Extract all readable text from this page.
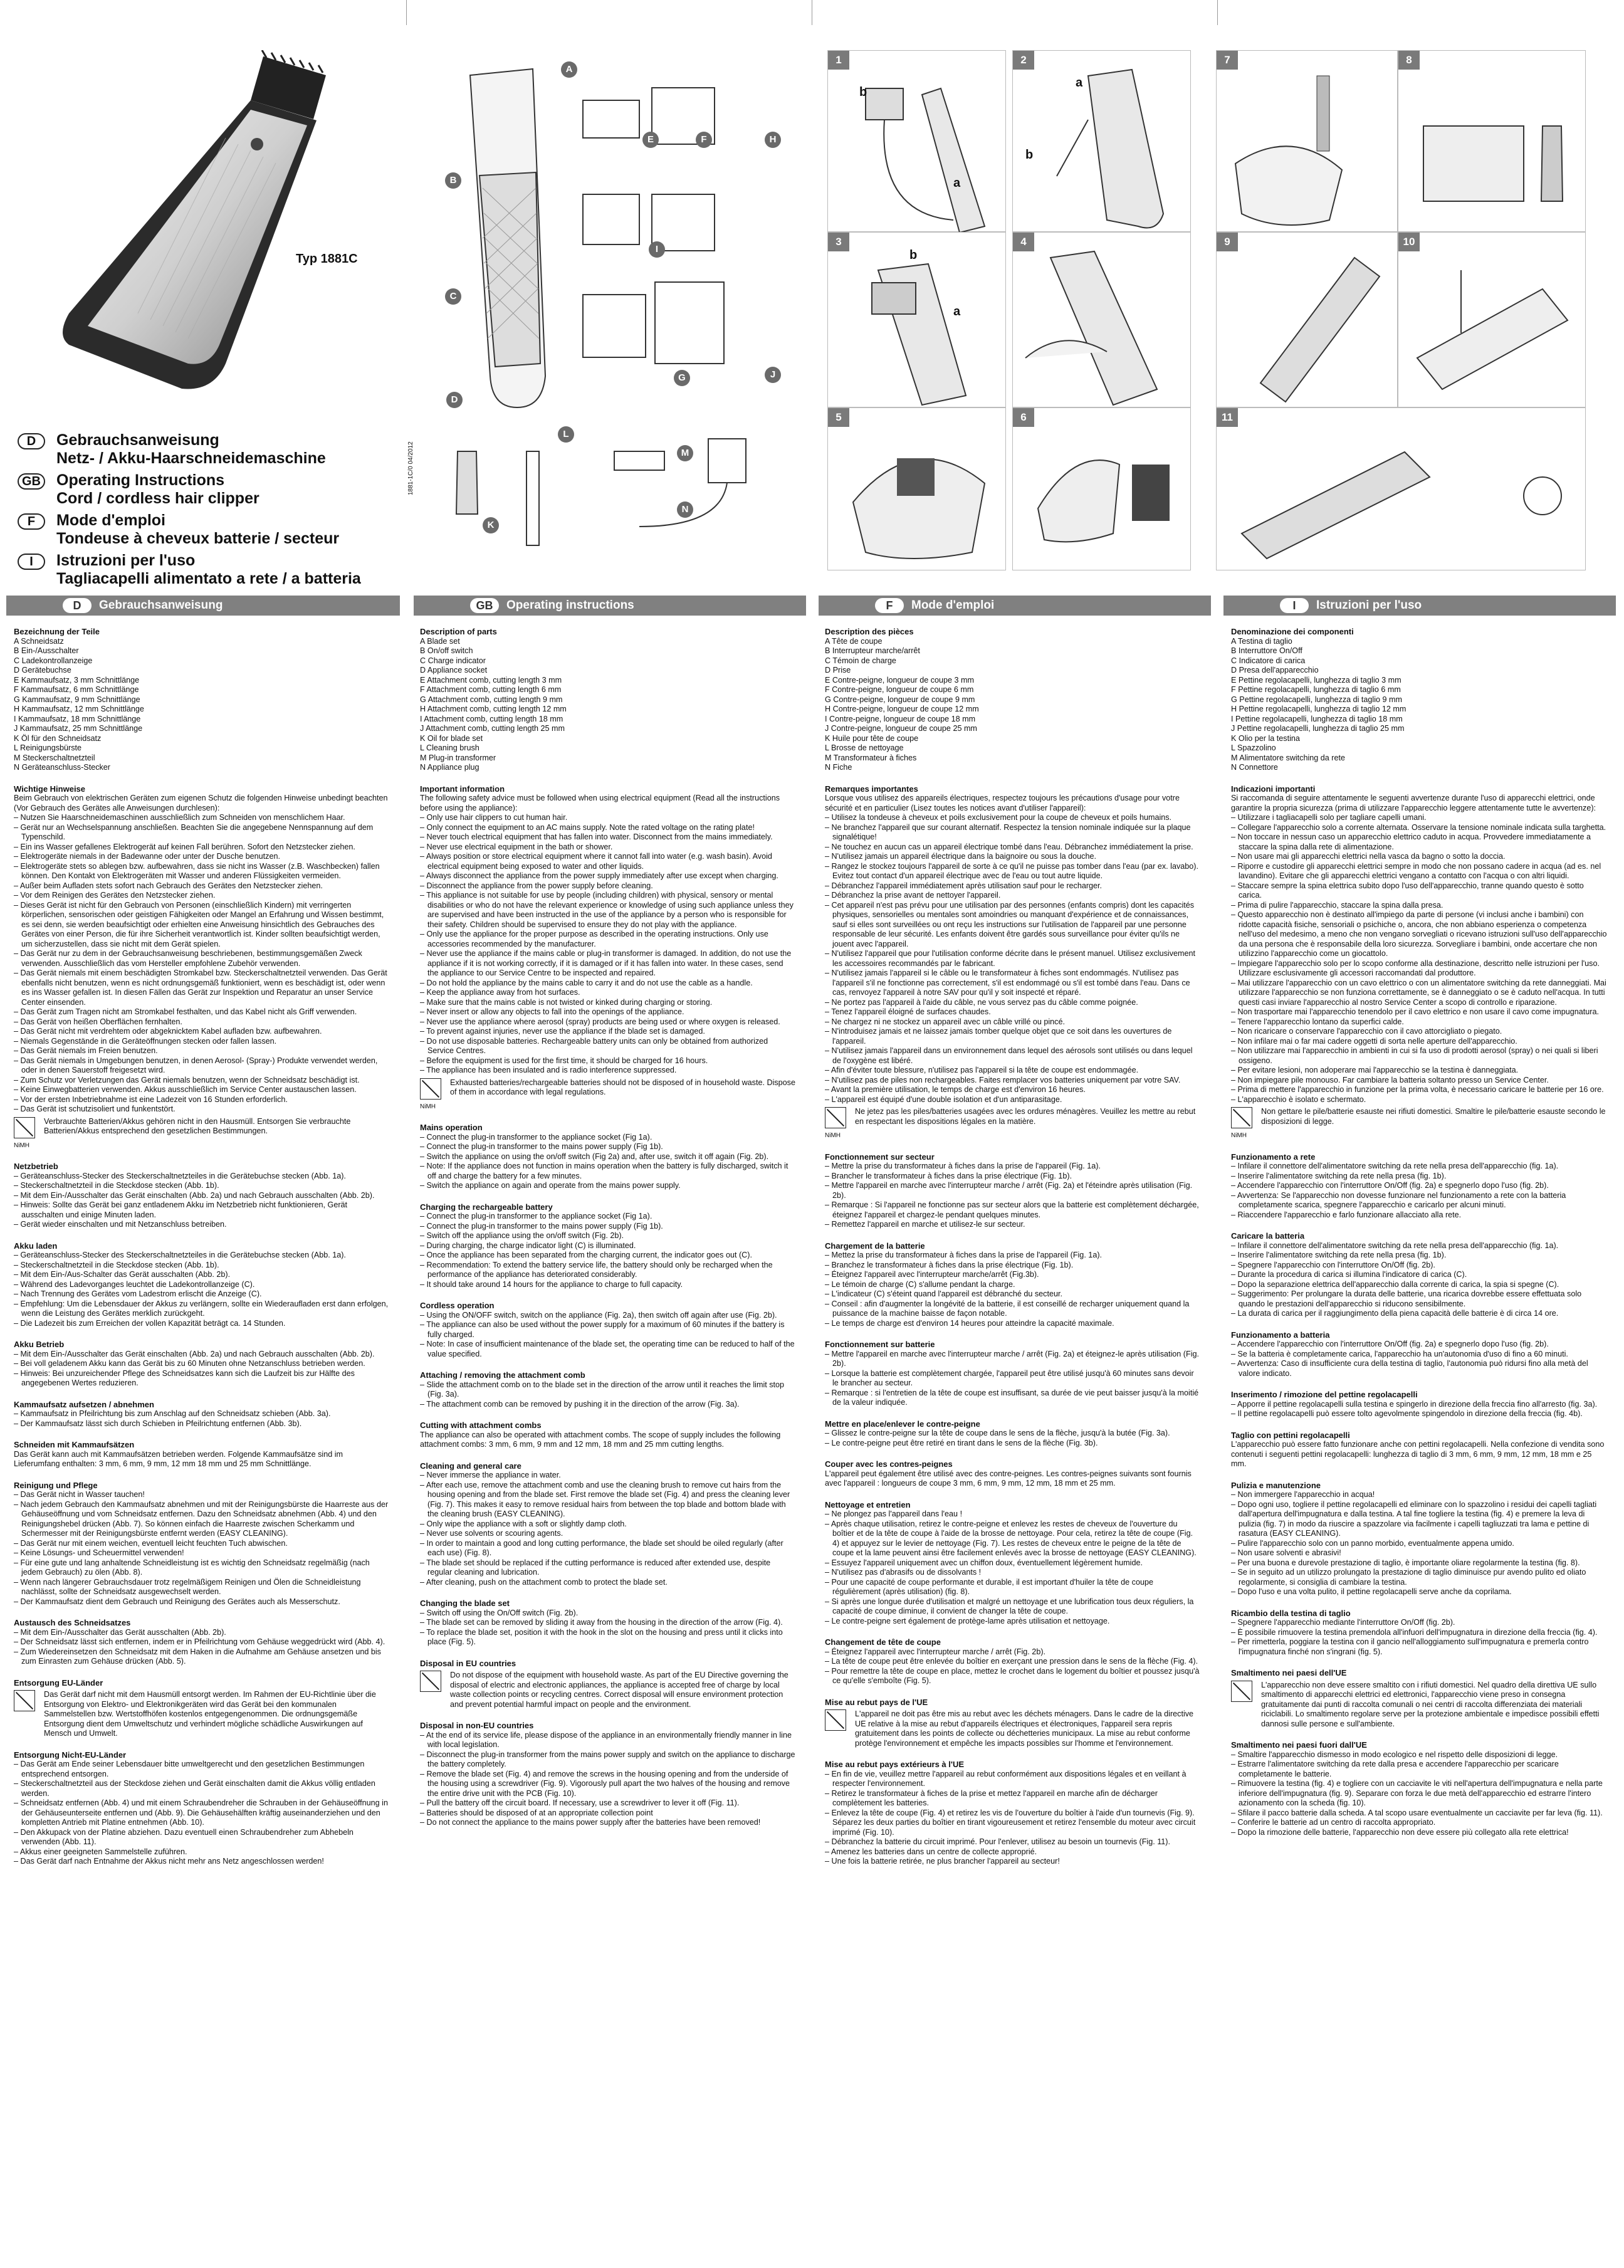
Typ 1881C
D	Gebrauchsanweisung
Netz- / Akku-Haarschneidemaschine
GB Operating Instructions
Cord / cordless hair clipper
F	Mode d'emploi
Tondeuse à cheveux batterie / secteur
I	Istruzioni per l'uso
Tagliacapelli alimentato a rete / a batteria
1881-1C/0 04/2012
A
B
C
D
E	F
G
H
I
J
K
L
M
N
1
b
a
2
a
b
3
b
a
4
5	6
7	8
9	10
11
D Gebrauchsanweisung	GB Operating instructions	F Mode d'emploi	I Istruzioni per l'uso
Bezeichnung der Teile
A Schneidsatz
B Ein-/Ausschalter
C Ladekontrollanzeige
D Gerätebuchse
E Kammaufsatz, 3 mm Schnittlänge
F Kammaufsatz, 6 mm Schnittlänge
G Kammaufsatz, 9 mm Schnittlänge
H Kammaufsatz, 12 mm Schnittlänge
I Kammaufsatz, 18 mm Schnittlänge
J Kammaufsatz, 25 mm Schnittlänge
K Öl für den Schneidsatz
L Reinigungsbürste
M Steckerschaltnetzteil
N Geräteanschluss-Stecker
Wichtige Hinweise

Beim Gebrauch von elektrischen Geräten zum eigenen Schutz die folgenden Hinweise unbedingt beachten (Vor Gebrauch des Gerätes alle Anweisungen durchlesen):

– Nutzen Sie Haarschneidemaschinen ausschließlich zum Schneiden von menschlichem Haar.
– Gerät nur an Wechselspannung anschließen. Beachten Sie die angegebene Nennspannung auf dem Typenschild.
– Ein ins Wasser gefallenes Elektrogerät auf keinen Fall berühren. Sofort den Netzstecker ziehen.
– Elektrogeräte niemals in der Badewanne oder unter der Dusche benutzen.
– Elektrogeräte stets so ablegen bzw. aufbewahren, dass sie nicht ins Wasser (z.B. Waschbecken) fallen können. Den Kontakt von Elektrogeräten mit Wasser und anderen Flüssigkeiten vermeiden.
– Außer beim Aufladen stets sofort nach Gebrauch des Gerätes den Netzstecker ziehen.
– Vor dem Reinigen des Gerätes den Netzstecker ziehen.
– Dieses Gerät ist nicht für den Gebrauch von Personen (einschließlich Kindern) mit verringerten körperlichen, sensorischen oder geistigen Fähigkeiten oder Mangel an Erfahrung und Wissen bestimmt, es sei denn, sie werden beaufsichtigt oder erhielten eine Anweisung hinsichtlich des Gebrauches des Gerätes von einer Person, die für ihre Sicherheit verantwortlich ist. Kinder sollten beaufsichtigt werden, um sicherzustellen, dass sie nicht mit dem Gerät spielen.
– Das Gerät nur zu dem in der Gebrauchsanweisung beschriebenen, bestimmungsgemäßen Zweck verwenden. Ausschließlich das vom Hersteller empfohlene Zubehör verwenden.
– Das Gerät niemals mit einem beschädigten Stromkabel bzw. Steckerschaltnetzteil verwenden. Das Gerät ebenfalls nicht benutzen, wenn es nicht ordnungsgemäß funktioniert, wenn es beschädigt ist, oder wenn es ins Wasser gefallen ist. In diesen Fällen das Gerät zur Inspektion und Reparatur an unser Service Center einsenden.
– Das Gerät zum Tragen nicht am Stromkabel festhalten, und das Kabel nicht als Griff verwenden.
– Das Gerät von heißen Oberflächen fernhalten.
– Das Gerät nicht mit verdrehtem oder abgeknicktem Kabel aufladen bzw. aufbewahren.
– Niemals Gegenstände in die Geräteöffnungen stecken oder fallen lassen.
– Das Gerät niemals im Freien benutzen.
– Das Gerät niemals in Umgebungen benutzen, in denen Aerosol- (Spray-) Produkte verwendet werden, oder in denen Sauerstoff freigesetzt wird.
– Zum Schutz vor Verletzungen das Gerät niemals benutzen, wenn der Schneidsatz beschädigt ist.
– Keine Einwegbatterien verwenden. Akkus ausschließlich im Service Center austauschen lassen.
– Vor der ersten Inbetriebnahme ist eine Ladezeit von 16 Stunden erforderlich.
– Das Gerät ist schutzisoliert und funkentstört.
Verbrauchte Batterien/Akkus gehören nicht in den Hausmüll. Entsorgen Sie verbrauchte Batterien/Akkus entsprechend den gesetzlichen Bestimmungen.
NiMH
Netzbetrieb
– Geräteanschluss-Stecker des Steckerschaltnetzteiles in die Gerätebuchse stecken (Abb. 1a).
– Steckerschaltnetzteil in die Steckdose stecken (Abb. 1b).
– Mit dem Ein-/Ausschalter das Gerät einschalten (Abb. 2a) und nach Gebrauch ausschalten (Abb. 2b).
– Hinweis: Sollte das Gerät bei ganz entladenem Akku im Netzbetrieb nicht funktionieren, Gerät ausschalten und einige Minuten laden.
– Gerät wieder einschalten und mit Netzanschluss betreiben.
Akku laden
– Geräteanschluss-Stecker des Steckerschaltnetzteiles in die Gerätebuchse stecken (Abb. 1a).
– Steckerschaltnetzteil in die Steckdose stecken (Abb. 1b).
– Mit dem Ein-/Aus-Schalter das Gerät ausschalten (Abb. 2b).
– Während des Ladevorganges leuchtet die Ladekontrollanzeige (C).
– Nach Trennung des Gerätes vom Ladestrom erlischt die Anzeige (C).
– Empfehlung: Um die Lebensdauer der Akkus zu verlängern, sollte ein Wiederaufladen erst dann erfolgen, wenn die Leistung des Gerätes merklich zurückgeht.
– Die Ladezeit bis zum Erreichen der vollen Kapazität beträgt ca. 14 Stunden.
Akku Betrieb
– Mit dem Ein-/Ausschalter das Gerät einschalten (Abb. 2a) und nach Gebrauch ausschalten (Abb. 2b).
– Bei voll geladenem Akku kann das Gerät bis zu 60 Minuten ohne Netzanschluss betrieben werden.
– Hinweis: Bei unzureichender Pflege des Schneidsatzes kann sich die Laufzeit bis zur Hälfte des angegebenen Wertes reduzieren.
Kammaufsatz aufsetzen / abnehmen
– Kammaufsatz in Pfeilrichtung bis zum Anschlag auf den Schneidsatz schieben (Abb. 3a).
– Der Kammaufsatz lässt sich durch Schieben in Pfeilrichtung entfernen (Abb. 3b).
Schneiden mit Kammaufsätzen

Das Gerät kann auch mit Kammaufsätzen betrieben werden. Folgende Kammaufsätze sind im Lieferumfang enthalten: 3 mm, 6 mm, 9 mm, 12 mm 18 mm und 25 mm Schnittlänge.

Reinigung und Pflege
– Das Gerät nicht in Wasser tauchen!
– Nach jedem Gebrauch den Kammaufsatz abnehmen und mit der Reinigungsbürste die Haarreste aus der Gehäuseöffnung und vom Schneidsatz entfernen. Dazu den Schneidsatz abnehmen (Abb. 4) und den Reinigungshebel drücken (Abb. 7). So können einfach die Haarreste zwischen Scherkamm und Schermesser mit der Reinigungsbürste entfernt werden (EASY CLEANING).
– Das Gerät nur mit einem weichen, eventuell leicht feuchten Tuch abwischen.
– Keine Lösungs- und Scheuermittel verwenden!
– Für eine gute und lang anhaltende Schneidleistung ist es wichtig den Schneidsatz regelmäßig (nach jedem Gebrauch) zu ölen (Abb. 8).
– Wenn nach längerer Gebrauchsdauer trotz regelmäßigem Reinigen und Ölen die Schneidleistung nachlässt, sollte der Schneidsatz ausgewechselt werden.
– Der Kammaufsatz dient dem Gebrauch und Reinigung des Gerätes auch als Messerschutz.
Austausch des Schneidsatzes
– Mit dem Ein-/Ausschalter das Gerät ausschalten (Abb. 2b).
– Der Schneidsatz lässt sich entfernen, indem er in Pfeilrichtung vom Gehäuse weggedrückt wird (Abb. 4).
– Zum Wiedereinsetzen den Schneidsatz mit dem Haken in die Aufnahme am Gehäuse ansetzen und bis zum Einrasten zum Gehäuse drücken (Abb. 5).
Entsorgung EU-Länder
Das Gerät darf nicht mit dem Hausmüll entsorgt werden. Im Rahmen der EU-Richtlinie über die Entsorgung von Elektro- und Elektronikgeräten wird das Gerät bei den kommunalen Sammelstellen bzw. Wertstoffhöfen kostenlos entgegengenommen. Die ordnungsgemäße Entsorgung dient dem Umweltschutz und verhindert mögliche schädliche Auswirkungen auf Mensch und Umwelt.
Entsorgung Nicht-EU-Länder
– Das Gerät am Ende seiner Lebensdauer bitte umweltgerecht und den gesetzlichen Bestimmungen entsprechend entsorgen.
– Steckerschaltnetzteil aus der Steckdose ziehen und Gerät einschalten damit die Akkus völlig entladen werden.
– Schneidsatz entfernen (Abb. 4) und mit einem Schraubendreher die Schrauben in der Gehäuseöffnung in der Gehäuseunterseite entfernen und (Abb. 9). Die Gehäusehälften kräftig auseinanderziehen und den kompletten Antrieb mit Platine entnehmen (Abb. 10).
– Den Akkupack von der Platine abziehen. Dazu eventuell einen Schraubendreher zum Abhebeln verwenden (Abb. 11).
– Akkus einer geeigneten Sammelstelle zuführen.
– Das Gerät darf nach Entnahme der Akkus nicht mehr ans Netz angeschlossen werden!
Description of parts
A Blade set
B On/off switch
C Charge indicator
D Appliance socket
E Attachment comb, cutting length 3 mm
F Attachment comb, cutting length 6 mm
G Attachment comb, cutting length 9 mm
H Attachment comb, cutting length 12 mm
I Attachment comb, cutting length 18 mm
J Attachment comb, cutting length 25 mm
K Oil for blade set
L Cleaning brush
M Plug-in transformer
N Appliance plug
Important information

The following safety advice must be followed when using electrical equipment (Read all the instructions before using the appliance):

– Only use hair clippers to cut human hair.
– Only connect the equipment to an AC mains supply. Note the rated voltage on the rating plate!
– Never touch electrical equipment that has fallen into water. Disconnect from the mains immediately.
– Never use electrical equipment in the bath or shower.
– Always position or store electrical equipment where it cannot fall into water (e.g. wash basin). Avoid electrical equipment being exposed to water and other liquids.
– Always disconnect the appliance from the power supply immediately after use except when charging.
– Disconnect the appliance from the power supply before cleaning.
– This appliance is not suitable for use by people (including children) with physical, sensory or mental disabilities or who do not have the relevant experience or knowledge of using such appliance unless they are supervised and have been instructed in the use of the appliance by a person who is responsible for their safety. Children should be supervised to ensure they do not play with the appliance.
– Only use the appliance for the proper purpose as described in the operating instructions. Only use accessories recommended by the manufacturer.
– Never use the appliance if the mains cable or plug-in transformer is damaged. In addition, do not use the appliance if it is not working correctly, if it is damaged or if it has fallen into water. In these cases, send the appliance to our Service Centre to be inspected and repaired.
– Do not hold the appliance by the mains cable to carry it and do not use the cable as a handle.
– Keep the appliance away from hot surfaces.
– Make sure that the mains cable is not twisted or kinked during charging or storing.
– Never insert or allow any objects to fall into the openings of the appliance.
– Never use the appliance where aerosol (spray) products are being used or where oxygen is released.
– To prevent against injuries, never use the appliance if the blade set is damaged.
– Do not use disposable batteries. Rechargeable battery units can only be obtained from authorized Service Centres.
– Before the equipment is used for the first time, it should be charged for 16 hours.
– The appliance has been insulated and is radio interference suppressed.
Exhausted batteries/rechargeable batteries should not be disposed of in household waste. Dispose of them in accordance with legal regulations.
NiMH
Mains operation
– Connect the plug-in transformer to the appliance socket (Fig 1a).
– Connect the plug-in transformer to the mains power supply (Fig 1b).
– Switch the appliance on using the on/off switch (Fig 2a) and, after use, switch it off again (Fig. 2b).
– Note: If the appliance does not function in mains operation when the battery is fully discharged, switch it off and charge the battery for a few minutes.
– Switch the appliance on again and operate from the mains power supply.
Charging the rechargeable battery
– Connect the plug-in transformer to the appliance socket (Fig 1a).
– Connect the plug-in transformer to the mains power supply (Fig 1b).
– Switch off the appliance using the on/off switch (Fig. 2b).
– During charging, the charge indicator light (C) is illuminated.
– Once the appliance has been separated from the charging current, the indicator goes out (C).
– Recommendation: To extend the battery service life, the battery should only be recharged when the performance of the appliance has deteriorated considerably.
– It should take around 14 hours for the appliance to charge to full capacity.
Cordless operation
– Using the ON/OFF switch, switch on the appliance (Fig. 2a), then switch off again after use (Fig. 2b).
– The appliance can also be used without the power supply for a maximum of 60 minutes if the battery is fully charged.
– Note: In case of insufficient maintenance of the blade set, the operating time can be reduced to half of the value specified.
Attaching / removing the attachment comb
– Slide the attachment comb on to the blade set in the direction of the arrow until it reaches the limit stop (Fig. 3a).
– The attachment comb can be removed by pushing it in the direction of the arrow (Fig. 3a).
Cutting with attachment combs

The appliance can also be operated with attachment combs. The scope of supply includes the following attachment combs: 3 mm, 6 mm, 9 mm and 12 mm, 18 mm and 25 mm cutting lengths.

Cleaning and general care
– Never immerse the appliance in water.
– After each use, remove the attachment comb and use the cleaning brush to remove cut hairs from the housing opening and from the blade set. First remove the blade set (Fig. 4) and press the cleaning lever (Fig. 7). This makes it easy to remove residual hairs from between the top blade and bottom blade with the cleaning brush (EASY CLEANING).
– Only wipe the appliance with a soft or slightly damp cloth.
– Never use solvents or scouring agents.
– In order to maintain a good and long cutting performance, the blade set should be oiled regularly (after each use) (Fig. 8).
– The blade set should be replaced if the cutting performance is reduced after extended use, despite regular cleaning and lubrication.
– After cleaning, push on the attachment comb to protect the blade set.
Changing the blade set
– Switch off using the On/Off switch (Fig. 2b).
– The blade set can be removed by sliding it away from the housing in the direction of the arrow (Fig. 4).
– To replace the blade set, position it with the hook in the slot on the housing and press until it clicks into place (Fig. 5).
Disposal in EU countries
Do not dispose of the equipment with household waste. As part of the EU Directive governing the disposal of electric and electronic appliances, the appliance is accepted free of charge by local waste collection points or recycling centres. Correct disposal will ensure environment protection and prevent potential harmful impact on people and the environment.
Disposal in non-EU countries
– At the end of its service life, please dispose of the appliance in an environmentally friendly manner in line with local legislation.
– Disconnect the plug-in transformer from the mains power supply and switch on the appliance to discharge the battery completely.
– Remove the blade set (Fig. 4) and remove the screws in the housing opening and from the underside of the housing using a screwdriver (Fig. 9). Vigorously pull apart the two halves of the housing and remove the entire drive unit with the PCB (Fig. 10).
– Pull the battery off the circuit board. If necessary, use a screwdriver to lever it off (Fig. 11).
– Batteries should be disposed of at an appropriate collection point
– Do not connect the appliance to the mains power supply after the batteries have been removed!
Description des pièces
A Tête de coupe
B Interrupteur marche/arrêt
C Témoin de charge
D Prise
E Contre-peigne, longueur de coupe 3 mm
F Contre-peigne, longueur de coupe 6 mm
G Contre-peigne, longueur de coupe 9 mm
H Contre-peigne, longueur de coupe 12 mm
I Contre-peigne, longueur de coupe 18 mm
J Contre-peigne, longueur de coupe 25 mm
K Huile pour tête de coupe
L Brosse de nettoyage
M Transformateur à fiches
N Fiche
Remarques importantes

Lorsque vous utilisez des appareils électriques, respectez toujours les précautions d'usage pour votre sécurité et en particulier (Lisez toutes les notices avant d'utiliser l'appareil):

– Utilisez la tondeuse à cheveux et poils exclusivement pour la coupe de cheveux et poils humains.
– Ne branchez l'appareil que sur courant alternatif. Respectez la tension nominale indiquée sur la plaque signalétique!
– Ne touchez en aucun cas un appareil électrique tombé dans l'eau. Débranchez immédiatement la prise.
– N'utilisez jamais un appareil électrique dans la baignoire ou sous la douche.
– Rangez le stockez toujours l'appareil de sorte à ce qu'il ne puisse pas tomber dans l'eau (par ex. lavabo). Evitez tout contact d'un appareil électrique avec de l'eau ou tout autre liquide.
– Débranchez l'appareil immédiatement après utilisation sauf pour le recharger.
– Débranchez la prise avant de nettoyer l'appareil.
– Cet appareil n'est pas prévu pour une utilisation par des personnes (enfants compris) dont les capacités physiques, sensorielles ou mentales sont amoindries ou manquant d'expérience et de connaissances, sauf si elles sont surveillées ou ont reçu les instructions sur l'utilisation de l'appareil par une personne responsable de leur sécurité. Les enfants doivent être gardés sous surveillance pour éviter qu'ils ne jouent avec l'appareil.
– N'utilisez l'appareil que pour l'utilisation conforme décrite dans le présent manuel. Utilisez exclusivement les accessoires recommandés par le fabricant.
– N'utilisez jamais l'appareil si le câble ou le transformateur à fiches sont endommagés. N'utilisez pas l'appareil s'il ne fonctionne pas correctement, s'il est endommagé ou s'il est tombé dans l'eau. Dans ce cas, renvoyez l'appareil à notre SAV pour qu'il y soit inspecté et réparé.
– Ne portez pas l'appareil à l'aide du câble, ne vous servez pas du câble comme poignée.
– Tenez l'appareil éloigné de surfaces chaudes.
– Ne chargez ni ne stockez un appareil avec un câble vrillé ou pincé.
– N'introduisez jamais et ne laissez jamais tomber quelque objet que ce soit dans les ouvertures de l'appareil.
– N'utilisez jamais l'appareil dans un environnement dans lequel des aérosols sont utilisés ou dans lequel de l'oxygène est libéré.
– Afin d'éviter toute blessure, n'utilisez pas l'appareil si la tête de coupe est endommagée.
– N'utilisez pas de piles non rechargeables. Faites remplacer vos batteries uniquement par votre SAV.
– Avant la première utilisation, le temps de charge est d'environ 16 heures.
– L'appareil est équipé d'une double isolation et d'un antiparasitage.
Ne jetez pas les piles/batteries usagées avec les ordures ménagères. Veuillez les mettre au rebut en respectant les dispositions légales en la matière.
NiMH
Fonctionnement sur secteur
– Mettre la prise du transformateur à fiches dans la prise de l'appareil (Fig. 1a).
– Brancher le transformateur à fiches dans la prise électrique (Fig. 1b).
– Mettre l'appareil en marche avec l'interrupteur marche / arrêt (Fig. 2a) et l'éteindre après utilisation (Fig. 2b).
– Remarque : Si l'appareil ne fonctionne pas sur secteur alors que la batterie est complètement déchargée, éteignez l'appareil et chargez-le pendant quelques minutes.
– Remettez l'appareil en marche et utilisez-le sur secteur.
Chargement de la batterie
– Mettez la prise du transformateur à fiches dans la prise de l'appareil (Fig. 1a).
– Branchez le transformateur à fiches dans la prise électrique (Fig. 1b).
– Éteignez l'appareil avec l'interrupteur marche/arrêt (Fig.3b).
– Le témoin de charge (C) s'allume pendant la charge.
– L'indicateur (C) s'éteint quand l'appareil est débranché du secteur.
– Conseil : afin d'augmenter la longévité de la batterie, il est conseillé de recharger uniquement quand la puissance de la machine baisse de façon notable.
– Le temps de charge est d'environ 14 heures pour atteindre la capacité maximale.
Fonctionnement sur batterie
– Mettre l'appareil en marche avec l'interrupteur marche / arrêt (Fig. 2a) et éteignez-le après utilisation (Fig. 2b).
– Lorsque la batterie est complètement chargée, l'appareil peut être utilisé jusqu'à 60 minutes sans devoir le brancher au secteur.
– Remarque : si l'entretien de la tête de coupe est insuffisant, sa durée de vie peut baisser jusqu'à la moitié de la valeur indiquée.
Mettre en place/enlever le contre-peigne
– Glissez le contre-peigne sur la tête de coupe dans le sens de la flèche, jusqu'à la butée (Fig. 3a).
– Le contre-peigne peut être retiré en tirant dans le sens de la flèche (Fig. 3b).
Couper avec les contres-peignes

L'appareil peut également être utilisé avec des contre-peignes. Les contres-peignes suivants sont fournis avec l'appareil : longueurs de coupe 3 mm, 6 mm, 9 mm, 12 mm, 18 mm et 25 mm.

Nettoyage et entretien
– Ne plongez pas l'appareil dans l'eau !
– Après chaque utilisation, retirez le contre-peigne et enlevez les restes de cheveux de l'ouverture du boîtier et de la tête de coupe à l'aide de la brosse de nettoyage. Pour cela, retirez la tête de coupe (Fig. 4) et appuyez sur le levier de nettoyage (Fig. 7). Les restes de cheveux entre le peigne de la tête de coupe et la lame peuvent ainsi être facilement enlevés avec la brosse de nettoyage (EASY CLEANING).
– Essuyez l'appareil uniquement avec un chiffon doux, éventuellement légèrement humide.
– N'utilisez pas d'abrasifs ou de dissolvants !
– Pour une capacité de coupe performante et durable, il est important d'huiler la tête de coupe régulièrement (après utilisation) (fig. 8).
– Si après une longue durée d'utilisation et malgré un nettoyage et une lubrification tous deux réguliers, la capacité de coupe diminue, il convient de changer la tête de coupe.
– Le contre-peigne sert également de protège-lame après utilisation et nettoyage.
Changement de tête de coupe
– Éteignez l'appareil avec l'interrupteur marche / arrêt (Fig. 2b).
– La tête de coupe peut être enlevée du boîtier en exerçant une pression dans le sens de la flèche (Fig. 4).
– Pour remettre la tête de coupe en place, mettez le crochet dans le logement du boîtier et poussez jusqu'à ce qu'elle s'emboîte (Fig. 5).
Mise au rebut pays de l'UE
L'appareil ne doit pas être mis au rebut avec les déchets ménagers. Dans le cadre de la directive UE relative à la mise au rebut d'appareils électriques et électroniques, l'appareil sera repris gratuitement dans les points de collecte ou déchetteries municipaux. La mise au rebut conforme protège l'environnement et empêche les impacts possibles sur l'homme et l'environnement.
Mise au rebut pays extérieurs à l'UE
– En fin de vie, veuillez mettre l'appareil au rebut conformément aux dispositions légales et en veillant à respecter l'environnement.
– Retirez le transformateur à fiches de la prise et mettez l'appareil en marche afin de décharger complètement les batteries.
– Enlevez la tête de coupe (Fig. 4) et retirez les vis de l'ouverture du boîtier à l'aide d'un tournevis (Fig. 9). Séparez les deux parties du boîtier en tirant vigoureusement et retirez l'ensemble du moteur avec circuit imprimé (Fig. 10).
– Débranchez la batterie du circuit imprimé. Pour l'enlever, utilisez au besoin un tournevis (Fig. 11).
– Amenez les batteries dans un centre de collecte approprié.
– Une fois la batterie retirée, ne plus brancher l'appareil au secteur!
Denominazione dei componenti
A Testina di taglio
B Interruttore On/Off
C Indicatore di carica
D Presa dell'apparecchio
E Pettine regolacapelli, lunghezza di taglio 3 mm
F Pettine regolacapelli, lunghezza di taglio 6 mm
G Pettine regolacapelli, lunghezza di taglio 9 mm
H Pettine regolacapelli, lunghezza di taglio 12 mm
I Pettine regolacapelli, lunghezza di taglio 18 mm
J Pettine regolacapelli, lunghezza di taglio 25 mm
K Olio per la testina
L Spazzolino
M Alimentatore switching da rete
N Connettore
Indicazioni importanti

Si raccomanda di seguire attentamente le seguenti avvertenze durante l'uso di apparecchi elettrici, onde garantire la propria sicurezza (prima di utilizzare l'apparecchio leggere attentamente tutte le avvertenze):

– Utilizzare i tagliacapelli solo per tagliare capelli umani.
– Collegare l'apparecchio solo a corrente alternata. Osservare la tensione nominale indicata sulla targhetta.
– Non toccare in nessun caso un apparecchio elettrico caduto in acqua. Provvedere immediatamente a staccare la spina dalla rete di alimentazione.
– Non usare mai gli apparecchi elettrici nella vasca da bagno o sotto la doccia.
– Riporre e custodire gli apparecchi elettrici sempre in modo che non possano cadere in acqua (ad es. nel lavandino). Evitare che gli apparecchi elettrici vengano a contatto con l'acqua o con altri liquidi.
– Staccare sempre la spina elettrica subito dopo l'uso dell'apparecchio, tranne quando questo è sotto carica.
– Prima di pulire l'apparecchio, staccare la spina dalla presa.
– Questo apparecchio non è destinato all'impiego da parte di persone (vi inclusi anche i bambini) con ridotte capacità fisiche, sensoriali o psichiche o, ancora, che non abbiano esperienza o competenza nell'uso del medesimo, a meno che non vengano sorvegliati o ricevano istruzioni sull'uso dell'apparecchio da una persona che è responsabile della loro sicurezza. Sorvegliare i bambini, onde accertare che non utilizzino l'apparecchio come un giocattolo.
– Impiegare l'apparecchio solo per lo scopo conforme alla destinazione, descritto nelle istruzioni per l'uso. Utilizzare esclusivamente gli accessori raccomandati dal produttore.
– Mai utilizzare l'apparecchio con un cavo elettrico o con un alimentatore switching da rete danneggiati. Mai utilizzare l'apparecchio se non funziona correttamente, se è danneggiato o se è caduto nell'acqua. In tutti questi casi inviare l'apparecchio al nostro Service Center a scopo di controllo e riparazione.
– Non trasportare mai l'apparecchio tenendolo per il cavo elettrico e non usare il cavo come impugnatura.
– Tenere l'apparecchio lontano da superfici calde.
– Non ricaricare o conservare l'apparecchio con il cavo attorcigliato o piegato.
– Non infilare mai o far mai cadere oggetti di sorta nelle aperture dell'apparecchio.
– Non utilizzare mai l'apparecchio in ambienti in cui si fa uso di prodotti aerosol (spray) o nei quali si liberi ossigeno.
– Per evitare lesioni, non adoperare mai l'apparecchio se la testina è danneggiata.
– Non impiegare pile monouso. Far cambiare la batteria soltanto presso un Service Center.
– Prima di mettere l'apparecchio in funzione per la prima volta, è necessario caricare le batterie per 16 ore.
– L'apparecchio è isolato e schermato.
Non gettare le pile/batterie esauste nei rifiuti domestici. Smaltire le pile/batterie esauste secondo le disposizioni di legge.
NiMH
Funzionamento a rete
– Infilare il connettore dell'alimentatore switching da rete nella presa dell'apparecchio (fig. 1a).
– Inserire l'alimentatore switching da rete nella presa (fig. 1b).
– Accendere l'apparecchio con l'interruttore On/Off (fig. 2a) e spegnerlo dopo l'uso (fig. 2b).
– Avvertenza: Se l'apparecchio non dovesse funzionare nel funzionamento a rete con la batteria completamente scarica, spegnere l'apparecchio e caricarlo per alcuni minuti.
– Riaccendere l'apparecchio e farlo funzionare allacciato alla rete.
Caricare la batteria
– Infilare il connettore dell'alimentatore switching da rete nella presa dell'apparecchio (fig. 1a).
– Inserire l'alimentatore switching da rete nella presa (fig. 1b).
– Spegnere l'apparecchio con l'interruttore On/Off (fig. 2b).
– Durante la procedura di carica si illumina l'indicatore di carica (C).
– Dopo la separazione elettrica dell'apparecchio dalla corrente di carica, la spia si spegne (C).
– Suggerimento: Per prolungare la durata delle batterie, una ricarica dovrebbe essere effettuata solo quando le prestazioni dell'apparecchio si riducono sensibilmente.
– La durata di carica per il raggiungimento della piena capacità delle batterie è di circa 14 ore.
Funzionamento a batteria
– Accendere l'apparecchio con l'interruttore On/Off (fig. 2a) e spegnerlo dopo l'uso (fig. 2b).
– Se la batteria è completamente carica, l'apparecchio ha un'autonomia d'uso di fino a 60 minuti.
– Avvertenza: Caso di insufficiente cura della testina di taglio, l'autonomia può ridursi fino alla metà del valore indicato.
Inserimento / rimozione del pettine regolacapelli
– Apporre il pettine regolacapelli sulla testina e spingerlo in direzione della freccia fino all'arresto (fig. 3a).
– Il pettine regolacapelli può essere tolto agevolmente spingendolo in direzione della freccia (fig. 4b).
Taglio con pettini regolacapelli

L'apparecchio può essere fatto funzionare anche con pettini regolacapelli. Nella confezione di vendita sono contenuti i seguenti pettini regolacapelli: lunghezza di taglio di 3 mm, 6 mm, 9 mm, 12 mm, 18 mm e 25 mm.

Pulizia e manutenzione
– Non immergere l'apparecchio in acqua!
– Dopo ogni uso, togliere il pettine regolacapelli ed eliminare con lo spazzolino i residui dei capelli tagliati dall'apertura dell'impugnatura e dalla testina. A tal fine togliere la testina (fig. 4) e premere la leva di pulizia (fig. 7) in modo da riuscire a spazzolare via facilmente i capelli tagliuzzati tra lama e pettine di rasatura (EASY CLEANING).
– Pulire l'apparecchio solo con un panno morbido, eventualmente appena umido.
– Non usare solventi e abrasivi!
– Per una buona e durevole prestazione di taglio, è importante oliare regolarmente la testina (fig. 8).
– Se in seguito ad un utilizzo prolungato la prestazione di taglio diminuisce pur avendo pulito ed oliato regolarmente, si consiglia di cambiare la testina.
– Dopo l'uso e una volta pulito, il pettine regolacapelli serve anche da coprilama.
Ricambio della testina di taglio
– Spegnere l'apparecchio mediante l'interruttore On/Off (fig. 2b).
– È possibile rimuovere la testina premendola all'infuori dell'impugnatura in direzione della freccia (fig. 4).
– Per rimetterla, poggiare la testina con il gancio nell'alloggiamento sull'impugnatura e premerla contro l'impugnatura finché non s'ingrani (fig. 5).
Smaltimento nei paesi dell'UE
L'apparecchio non deve essere smaltito con i rifiuti domestici. Nel quadro della direttiva UE sullo smaltimento di apparecchi elettrici ed elettronici, l'apparecchio viene preso in consegna gratuitamente dai punti di raccolta comunali o nei centri di raccolta differenziata dei materiali riciclabili. Lo smaltimento regolare serve per la protezione ambientale e impedisce possibili effetti dannosi sulle persone e sull'ambiente.
Smaltimento nei paesi fuori dall'UE
– Smaltire l'apparecchio dismesso in modo ecologico e nel rispetto delle disposizioni di legge.
– Estrarre l'alimentatore switching da rete dalla presa e accendere l'apparecchio per scaricare completamente le batterie.
– Rimuovere la testina (fig. 4) e togliere con un cacciavite le viti nell'apertura dell'impugnatura e nella parte inferiore dell'impugnatura (fig. 9). Separare con forza le due metà dell'apparecchio ed estrarre l'intero azionamento con la scheda (fig. 10).
– Sfilare il pacco batterie dalla scheda. A tal scopo usare eventualmente un cacciavite per far leva (fig. 11).
– Conferire le batterie ad un centro di raccolta appropriato.
– Dopo la rimozione delle batterie, l'apparecchio non deve essere più collegato alla rete elettrica!
